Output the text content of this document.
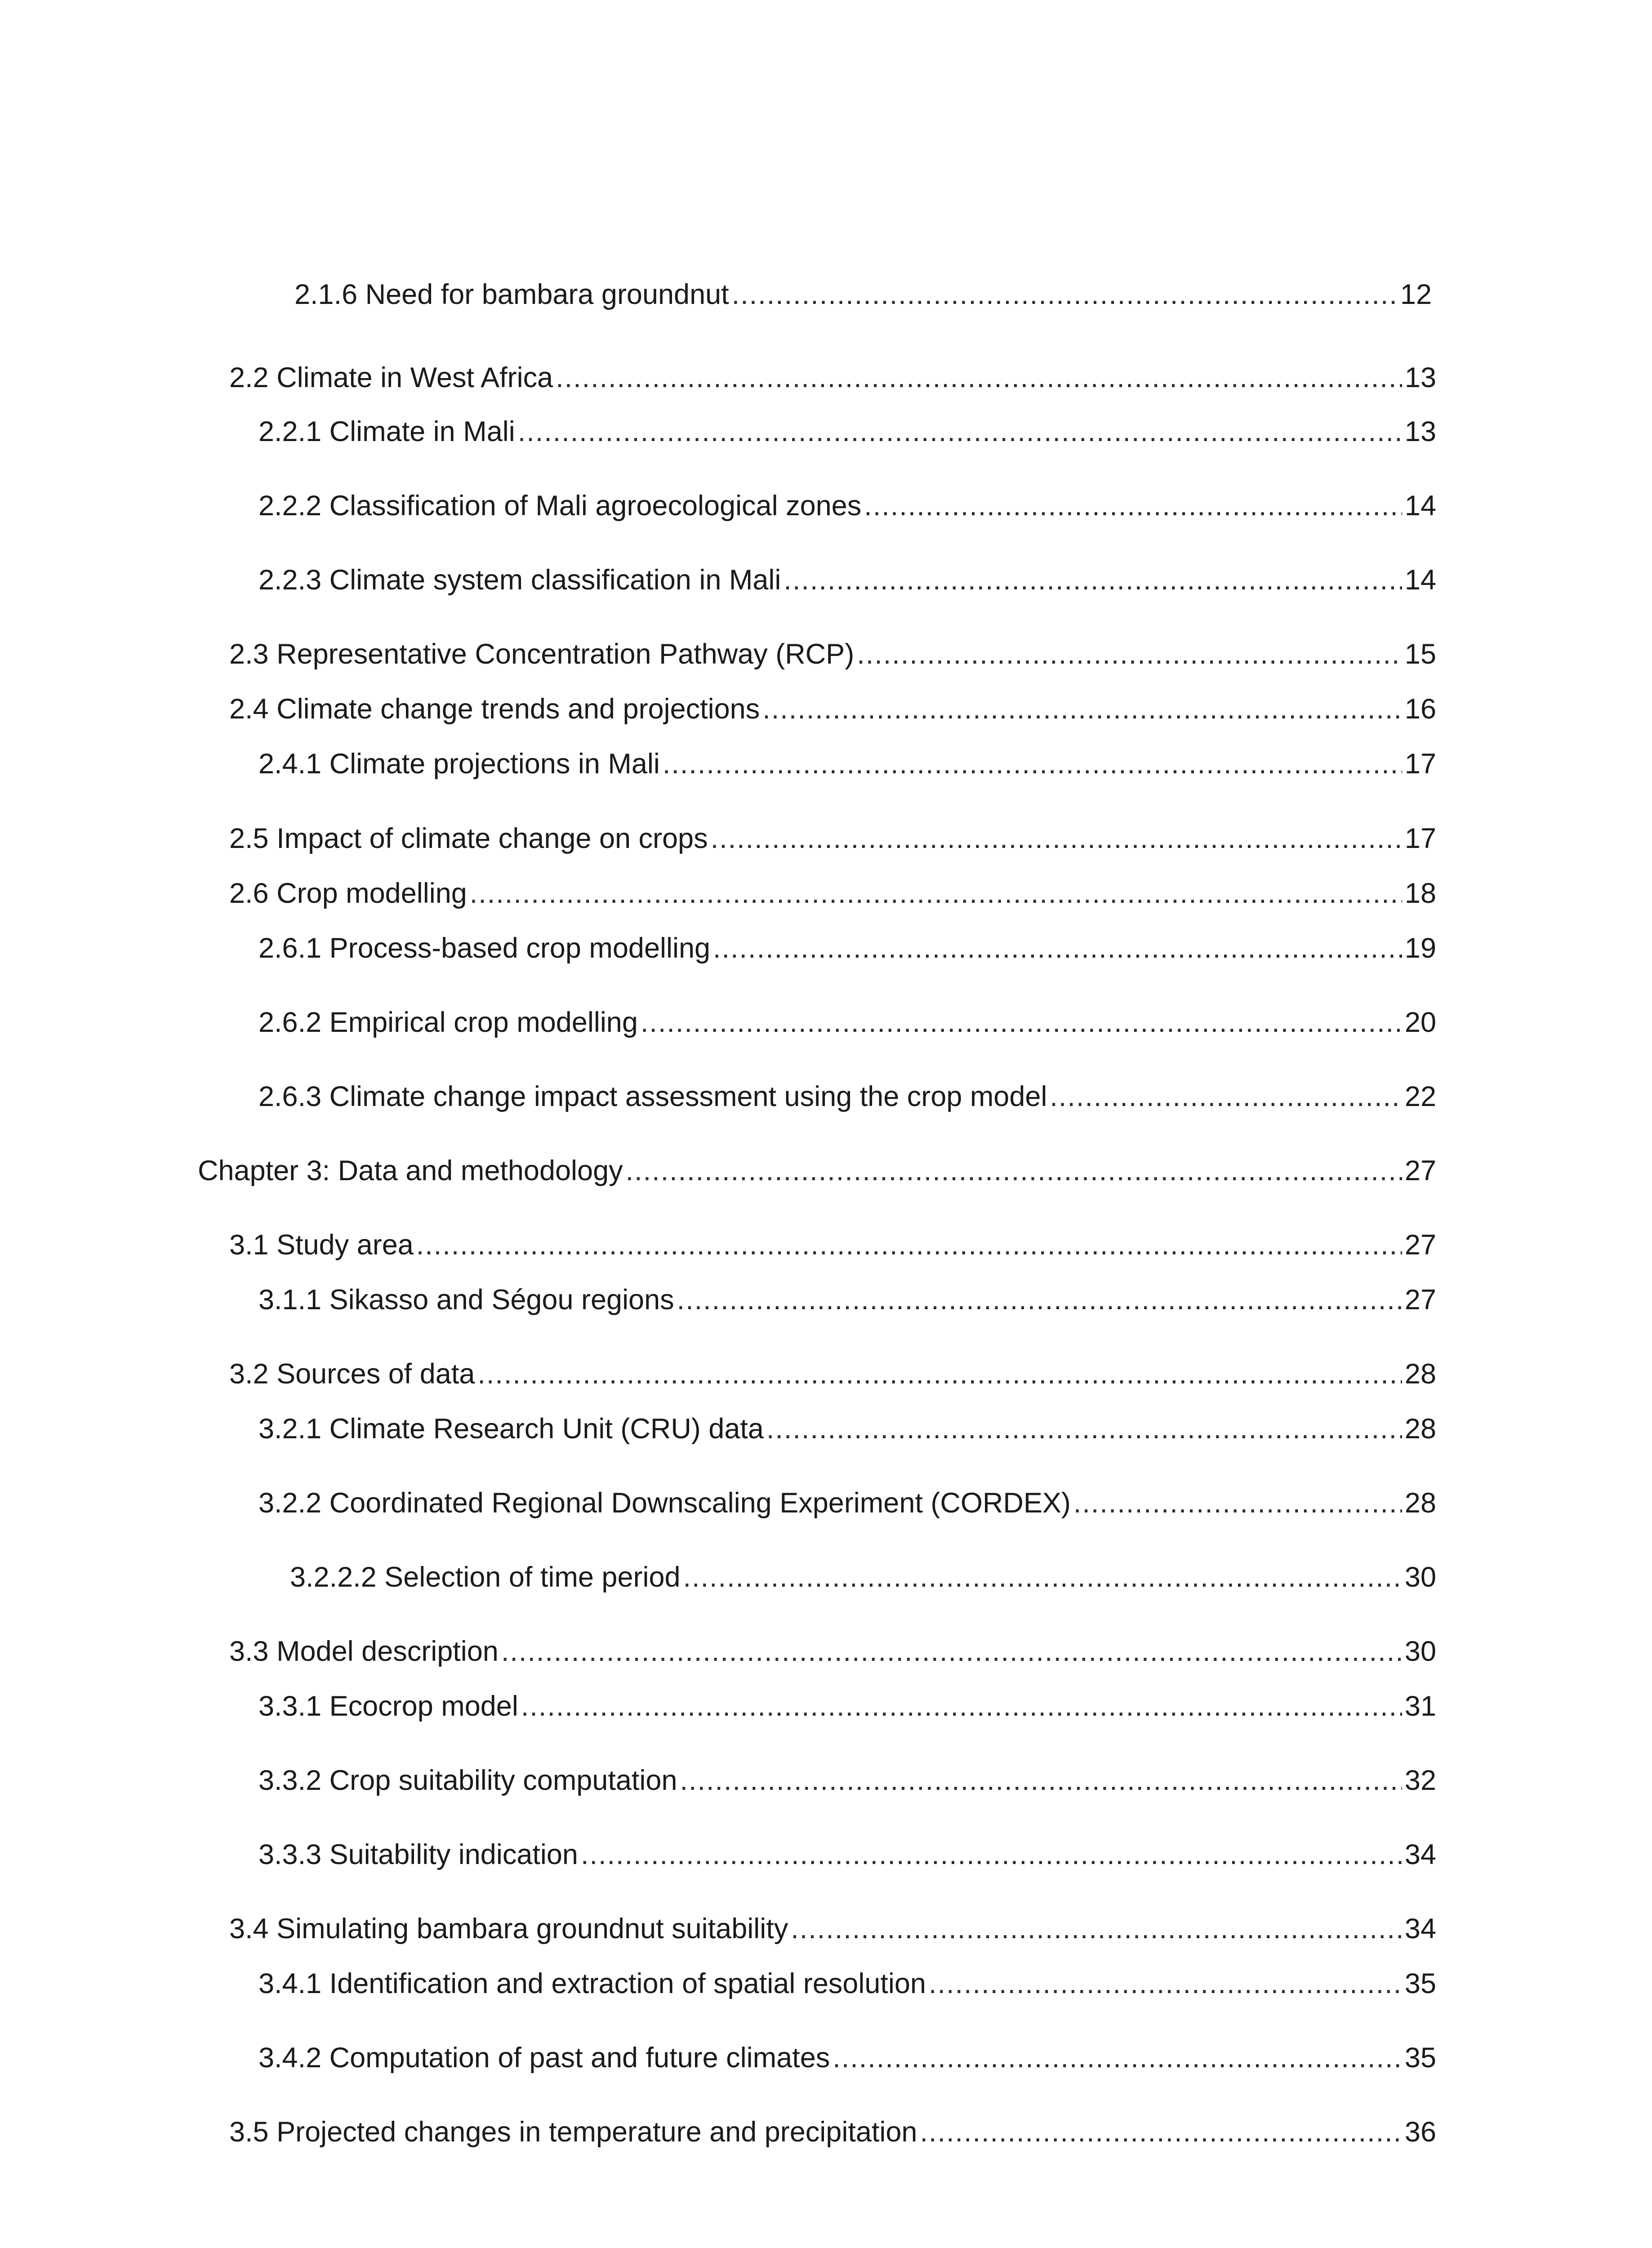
2.1.6 Need for bambara groundnut .....	12
2.2 Climate in West Africa .....	13
2.2.1 Climate in Mali .....	13
2.2.2 Classification of Mali agroecological zones .....	14
2.2.3 Climate system classification in Mali .....	14
2.3 Representative Concentration Pathway (RCP) .....	15
2.4 Climate change trends and projections .....	16
2.4.1 Climate projections in Mali .....	17
2.5 Impact of climate change on crops .....	17
2.6 Crop modelling .....	18
2.6.1 Process-based crop modelling .....	19
2.6.2 Empirical crop modelling .....	20
2.6.3 Climate change impact assessment using the crop model .....	22
Chapter 3: Data and methodology .....	27
3.1 Study area .....	27
3.1.1 Sikasso and Ségou regions .....	27
3.2 Sources of data .....	28
3.2.1 Climate Research Unit (CRU) data .....	28
3.2.2 Coordinated Regional Downscaling Experiment (CORDEX) .....	28
3.2.2.2 Selection of time period .....	30
3.3 Model description .....	30
3.3.1 Ecocrop model .....	31
3.3.2 Crop suitability computation .....	32
3.3.3 Suitability indication .....	34
3.4 Simulating bambara groundnut suitability .....	34
3.4.1 Identification and extraction of spatial resolution .....	35
3.4.2 Computation of past and future climates .....	35
3.5 Projected changes in temperature and precipitation .....	36
